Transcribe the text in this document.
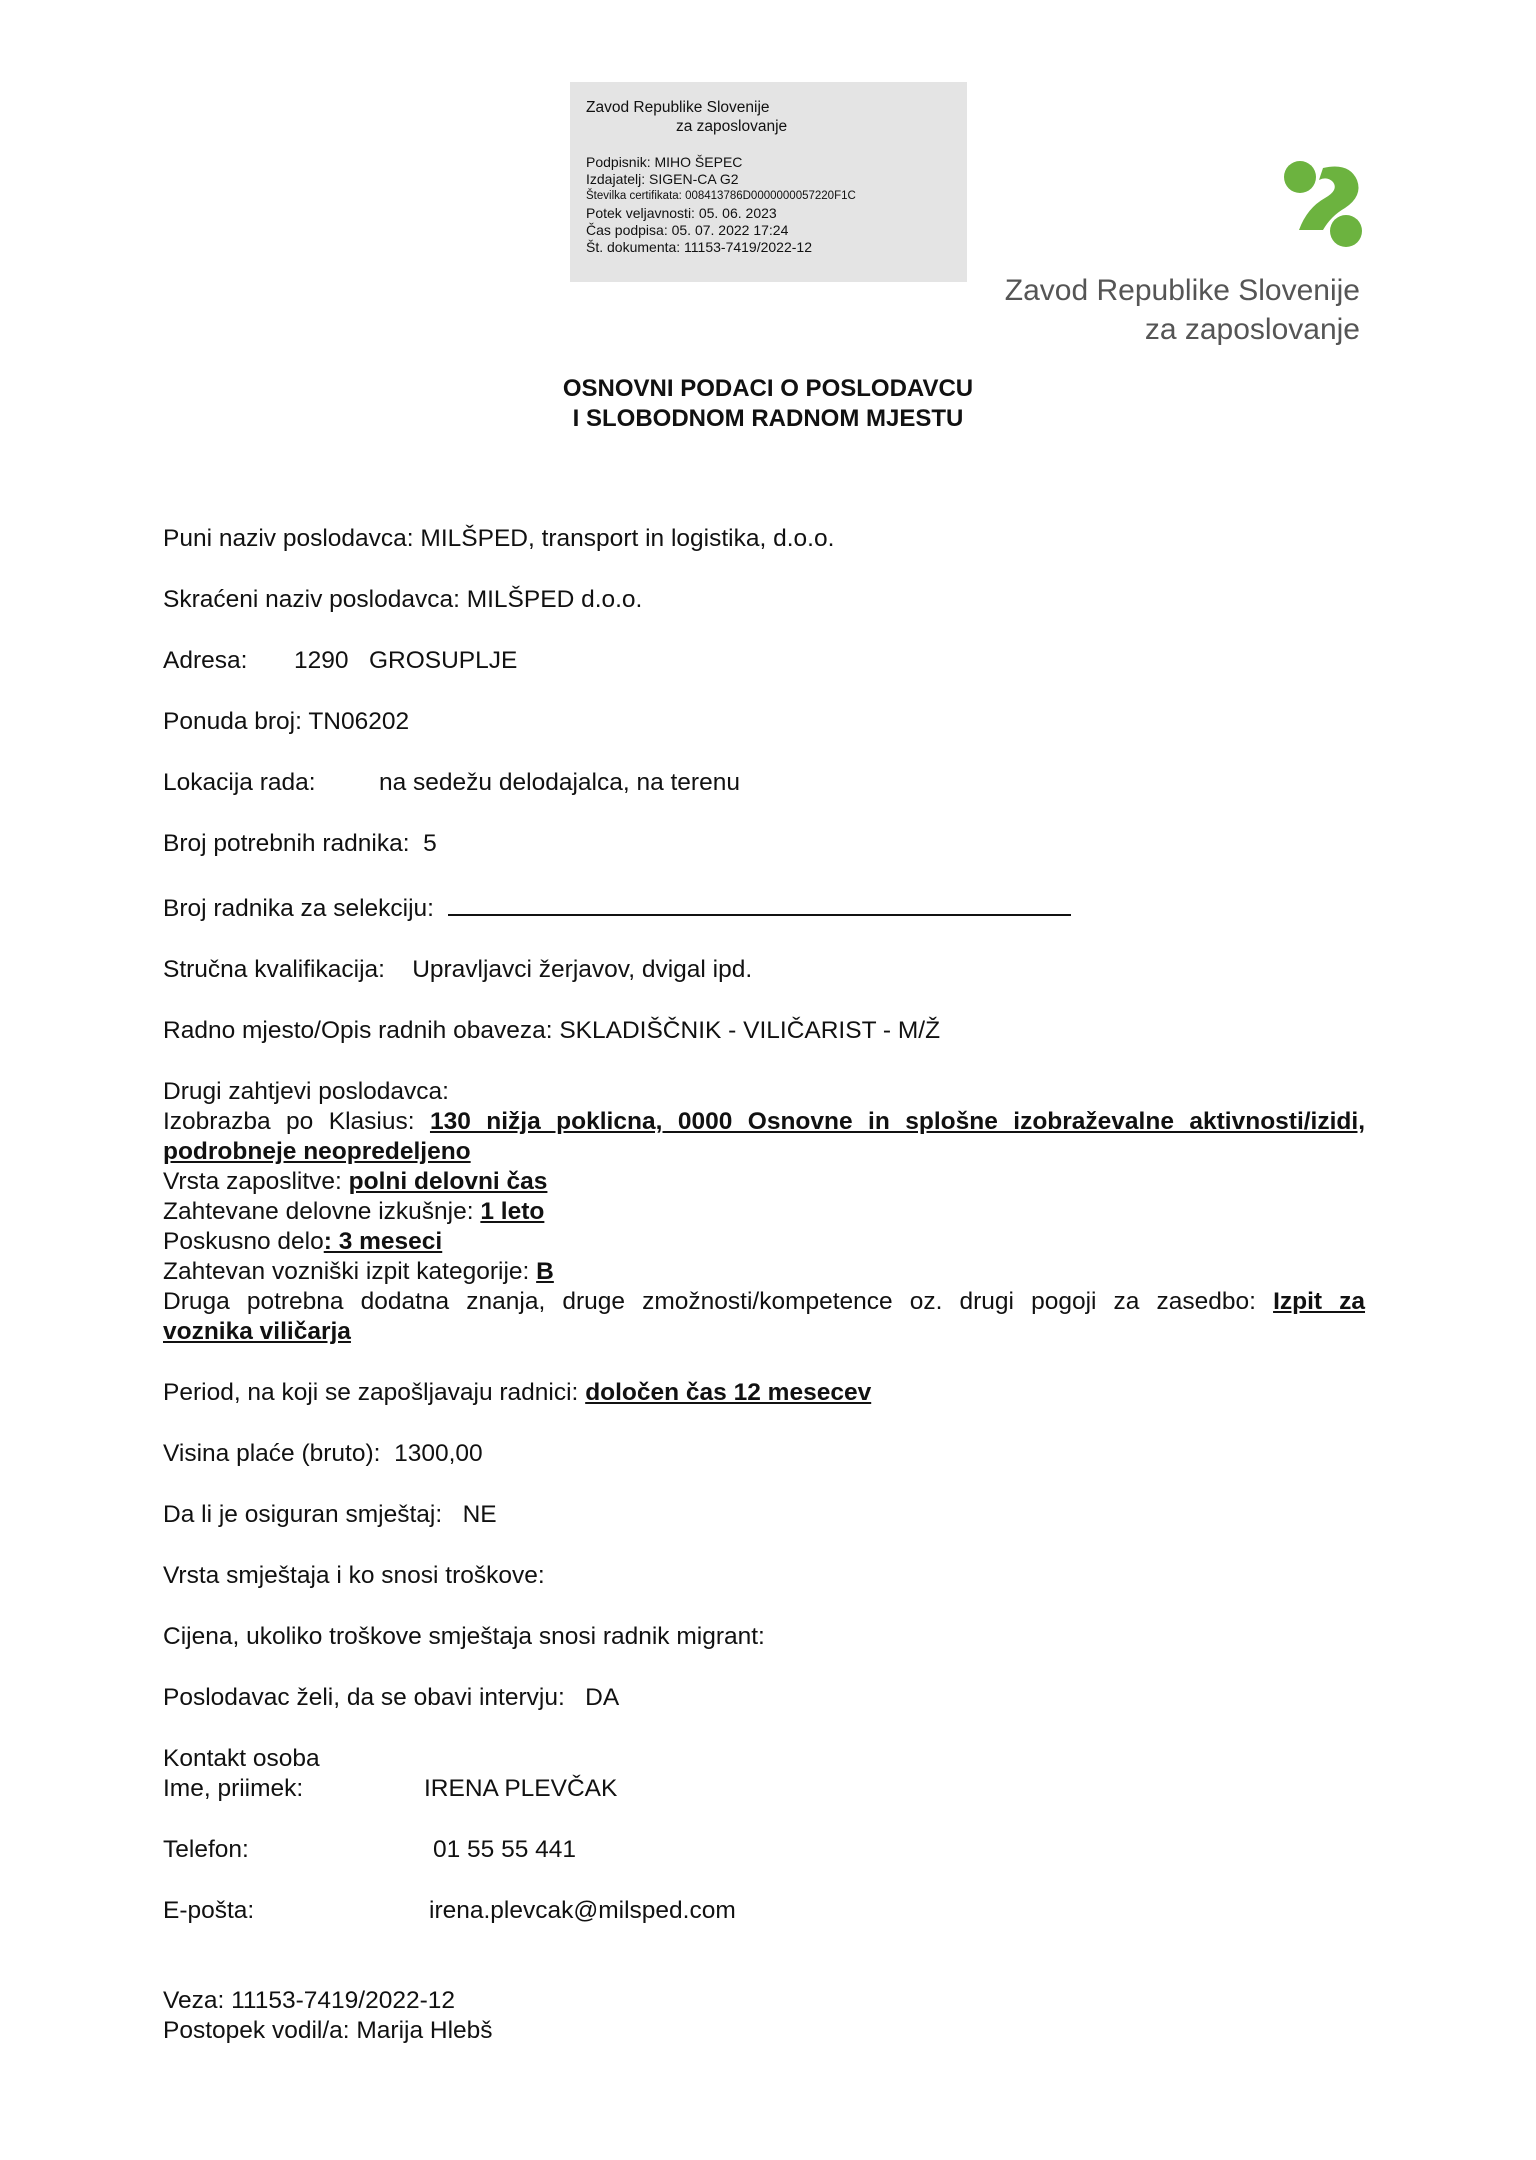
Zavod Republike Slovenije
za zaposlovanje
Podpisnik: MIHO ŠEPEC
Izdajatelj: SIGEN-CA G2
Številka certifikata: 008413786D0000000057220F1C
Potek veljavnosti: 05. 06. 2023
Čas podpisa: 05. 07. 2022 17:24
Št. dokumenta: 11153-7419/2022-12
Zavod Republike Slovenije
za zaposlovanje
OSNOVNI PODACI O POSLODAVCU
I SLOBODNOM RADNOM MJESTU
Puni naziv poslodavca: MILŠPED, transport in logistika, d.o.o.
Skraćeni naziv poslodavca: MILŠPED d.o.o.
Adresa: 1290 GROSUPLJE
Ponuda broj: TN06202
Lokacija rada:	na sedežu delodajalca, na terenu
Broj potrebnih radnika: 5
Broj radnika za selekciju:
Stručna kvalifikacija: Upravljavci žerjavov, dvigal ipd.
Radno mjesto/Opis radnih obaveza: SKLADIŠČNIK - VILIČARIST - M/Ž
Drugi zahtjevi poslodavca:
Izobrazba po Klasius: 130 nižja poklicna, 0000 Osnovne in splošne izobraževalne aktivnosti/izidi,
podrobneje neopredeljeno
Vrsta zaposlitve: polni delovni čas
Zahtevane delovne izkušnje: 1 leto
Poskusno delo: 3 meseci
Zahtevan vozniški izpit kategorije: B
Druga potrebna dodatna znanja, druge zmožnosti/kompetence oz. drugi pogoji za zasedbo: Izpit za
voznika viličarja
Period, na koji se zapošljavaju radnici: določen čas 12 mesecev
Visina plaće (bruto): 1300,00
Da li je osiguran smještaj: NE
Vrsta smještaja i ko snosi troškove:
Cijena, ukoliko troškove smještaja snosi radnik migrant:
Poslodavac želi, da se obavi intervju: DA
Kontakt osoba
Ime, priimek:	IRENA PLEVČAK
Telefon:	01 55 55 441
E-pošta:	irena.plevcak@milsped.com
Veza: 11153-7419/2022-12
Postopek vodil/a: Marija Hlebš
